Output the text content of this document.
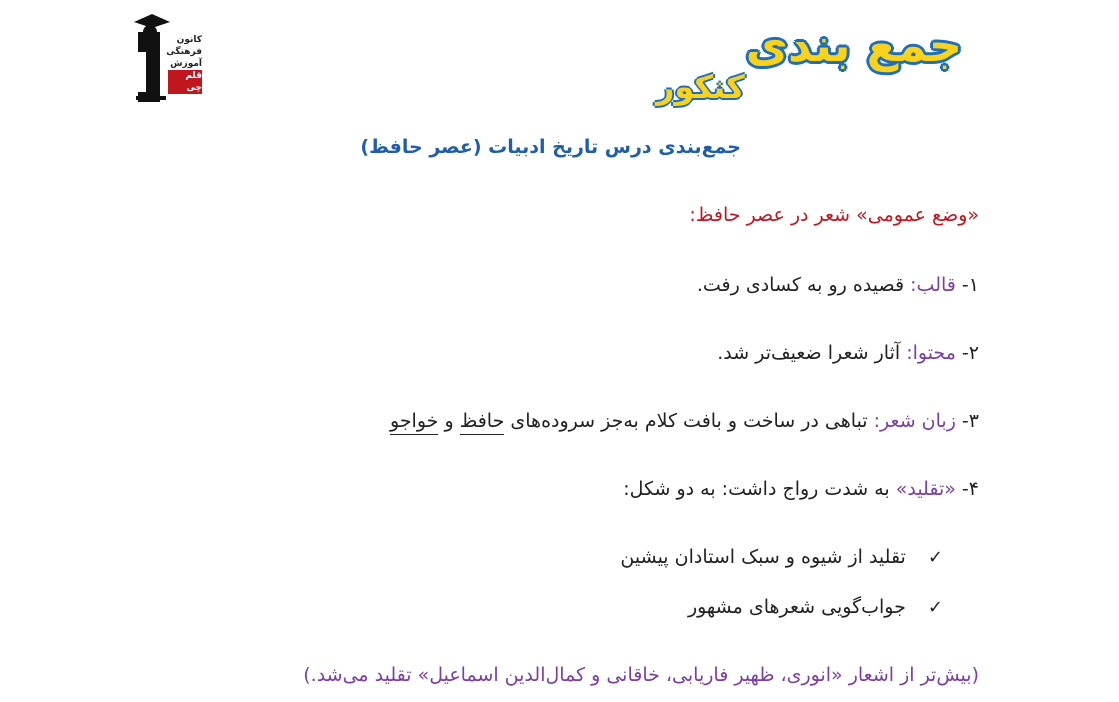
کانون
فرهنگی
آموزش
قلم چی
جمع بندی
کنکور
جمع‌بندی درس تاریخ ادبیات (عصر حافظ)
«وضع عمومی» شعر در عصر حافظ:
۱- قالب: قصیده رو به کسادی رفت.
۲- محتوا: آثار شعرا ضعیف‌تر شد.
۳- زبان شعر: تباهی در ساخت و بافت کلام به‌جز سروده‌های حافظ و خواجو
۴- «تقلید» به شدت رواج داشت: به دو شکل:
✓ تقلید از شیوه و سبک استادان پیشین
✓ جواب‌گویی شعرهای مشهور
(بیش‌تر از اشعار «انوری، ظهیر فاریابی، خاقانی و کمال‌الدین اسماعیل» تقلید می‌شد.)
